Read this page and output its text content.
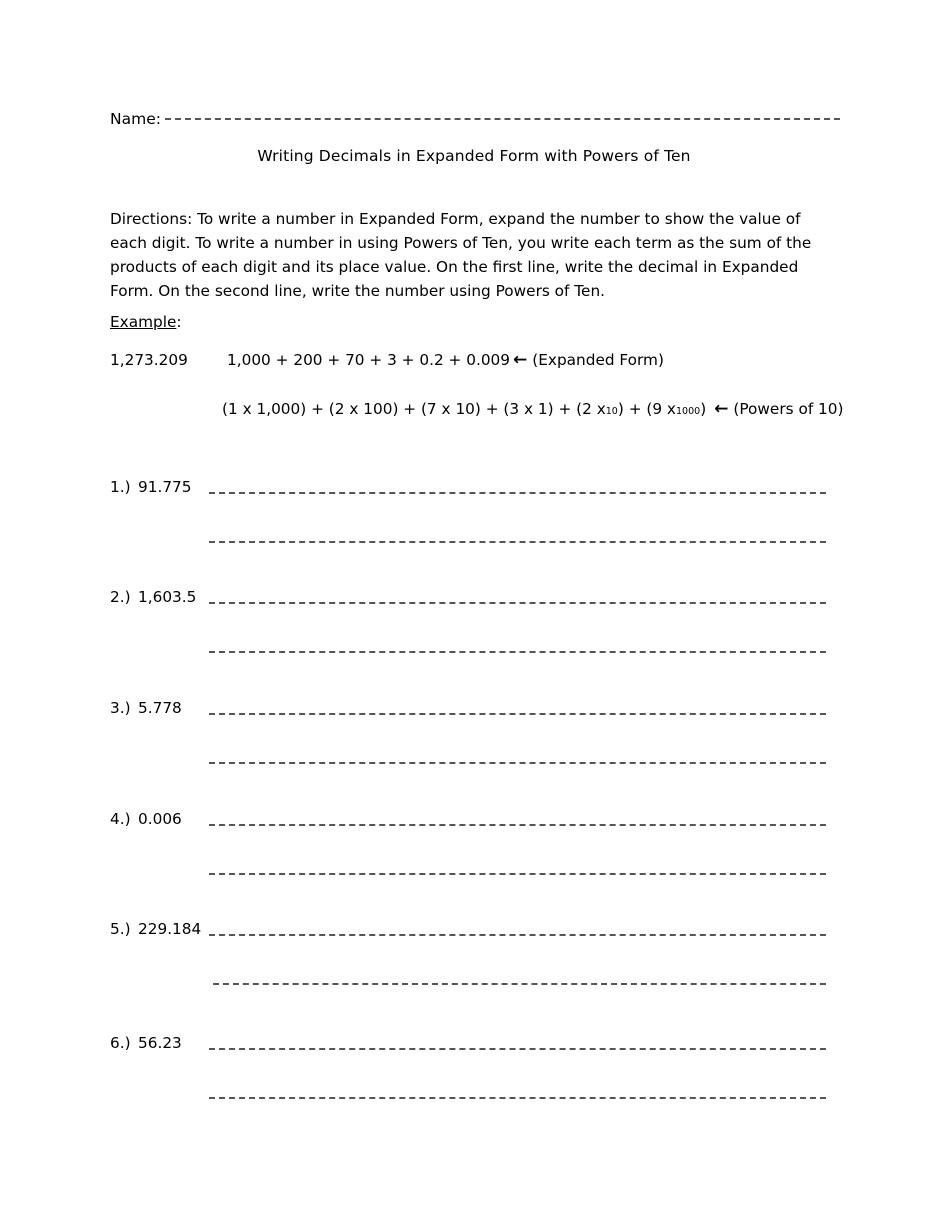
Name:
Writing Decimals in Expanded Form with Powers of Ten
Directions: To write a number in Expanded Form, expand the number to show the value of each digit. To write a number in using Powers of Ten, you write each term as the sum of the products of each digit and its place value. On the first line, write the decimal in Expanded Form. On the second line, write the number using Powers of Ten.
Example:
1,273.209	1,000 + 200 + 70 + 3 + 0.2 + 0.009 ← (Expanded Form)
(1 x 1,000) + (2 x 100) + (7 x 10) + (3 x 1) + (2 x 10 ) + (9 x 1000 ) ← (Powers of 10)
1.) 91.775
2.) 1,603.5
3.) 5.778
4.) 0.006
5.) 229.184
6.) 56.23
